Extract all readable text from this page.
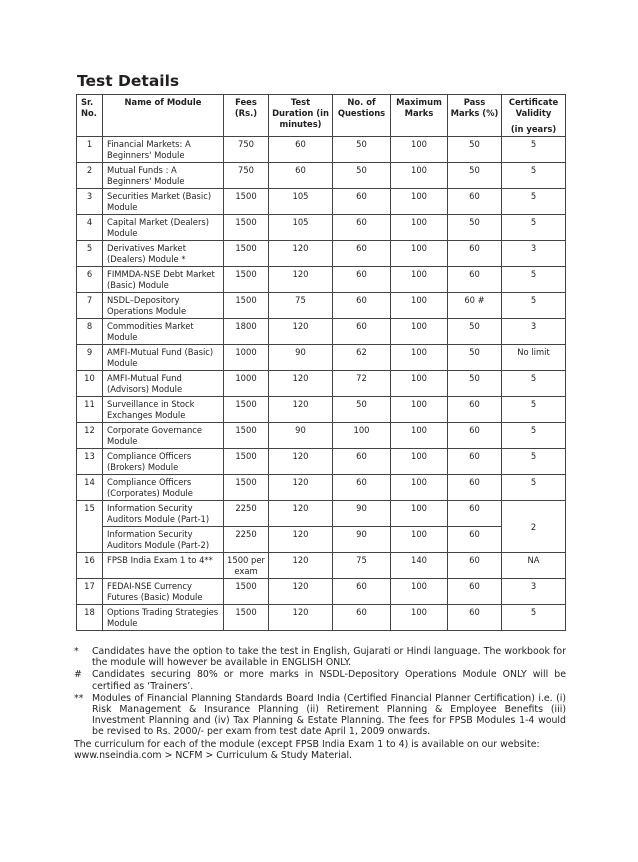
Test Details
Sr. No.	Name of Module	Fees (Rs.)	Test Duration (in minutes)	No. of Questions	Maximum Marks	Pass Marks (%)	Certificate Validity
(in years)

1	Financial Markets: A Beginners' Module	750	60	50	100	50	5
2	Mutual Funds : A Beginners' Module	750	60	50	100	50	5
3	Securities Market (Basic) Module	1500	105	60	100	60	5
4	Capital Market (Dealers) Module	1500	105	60	100	50	5
5	Derivatives Market (Dealers) Module *	1500	120	60	100	60	3
6	FIMMDA-NSE Debt Market (Basic) Module	1500	120	60	100	60	5
7	NSDL–Depository Operations Module	1500	75	60	100	60 #	5
8	Commodities Market Module	1800	120	60	100	50	3
9	AMFI-Mutual Fund (Basic) Module	1000	90	62	100	50	No limit
10	AMFI-Mutual Fund (Advisors) Module	1000	120	72	100	50	5
11	Surveillance in Stock Exchanges Module	1500	120	50	100	60	5
12	Corporate Governance Module	1500	90	100	100	60	5
13	Compliance Officers (Brokers) Module	1500	120	60	100	60	5
14	Compliance Officers (Corporates) Module	1500	120	60	100	60	5
15	Information Security Auditors Module (Part-1)	2250	120	90	100	60	2
	Information Security Auditors Module (Part-2)	2250	120	90	100	60	
16	FPSB India Exam 1 to 4**	1500 per exam	120	75	140	60	NA
17	FEDAI-NSE Currency Futures (Basic) Module	1500	120	60	100	60	3
18	Options Trading Strategies Module	1500	120	60	100	60	5
* Candidates have the option to take the test in English, Gujarati or Hindi language. The workbook for the module will however be available in ENGLISH ONLY.
# Candidates securing 80% or more marks in NSDL-Depository Operations Module ONLY will be certified as ‘Trainers’.
** Modules of Financial Planning Standards Board India (Certified Financial Planner Certification) i.e. (i) Risk Management & Insurance Planning (ii) Retirement Planning & Employee Benefits (iii) Investment Planning and (iv) Tax Planning & Estate Planning. The fees for FPSB Modules 1-4 would be revised to Rs. 2000/- per exam from test date April 1, 2009 onwards.

The curriculum for each of the module (except FPSB India Exam 1 to 4) is available on our website:

www.nseindia.com > NCFM > Curriculum & Study Material.
